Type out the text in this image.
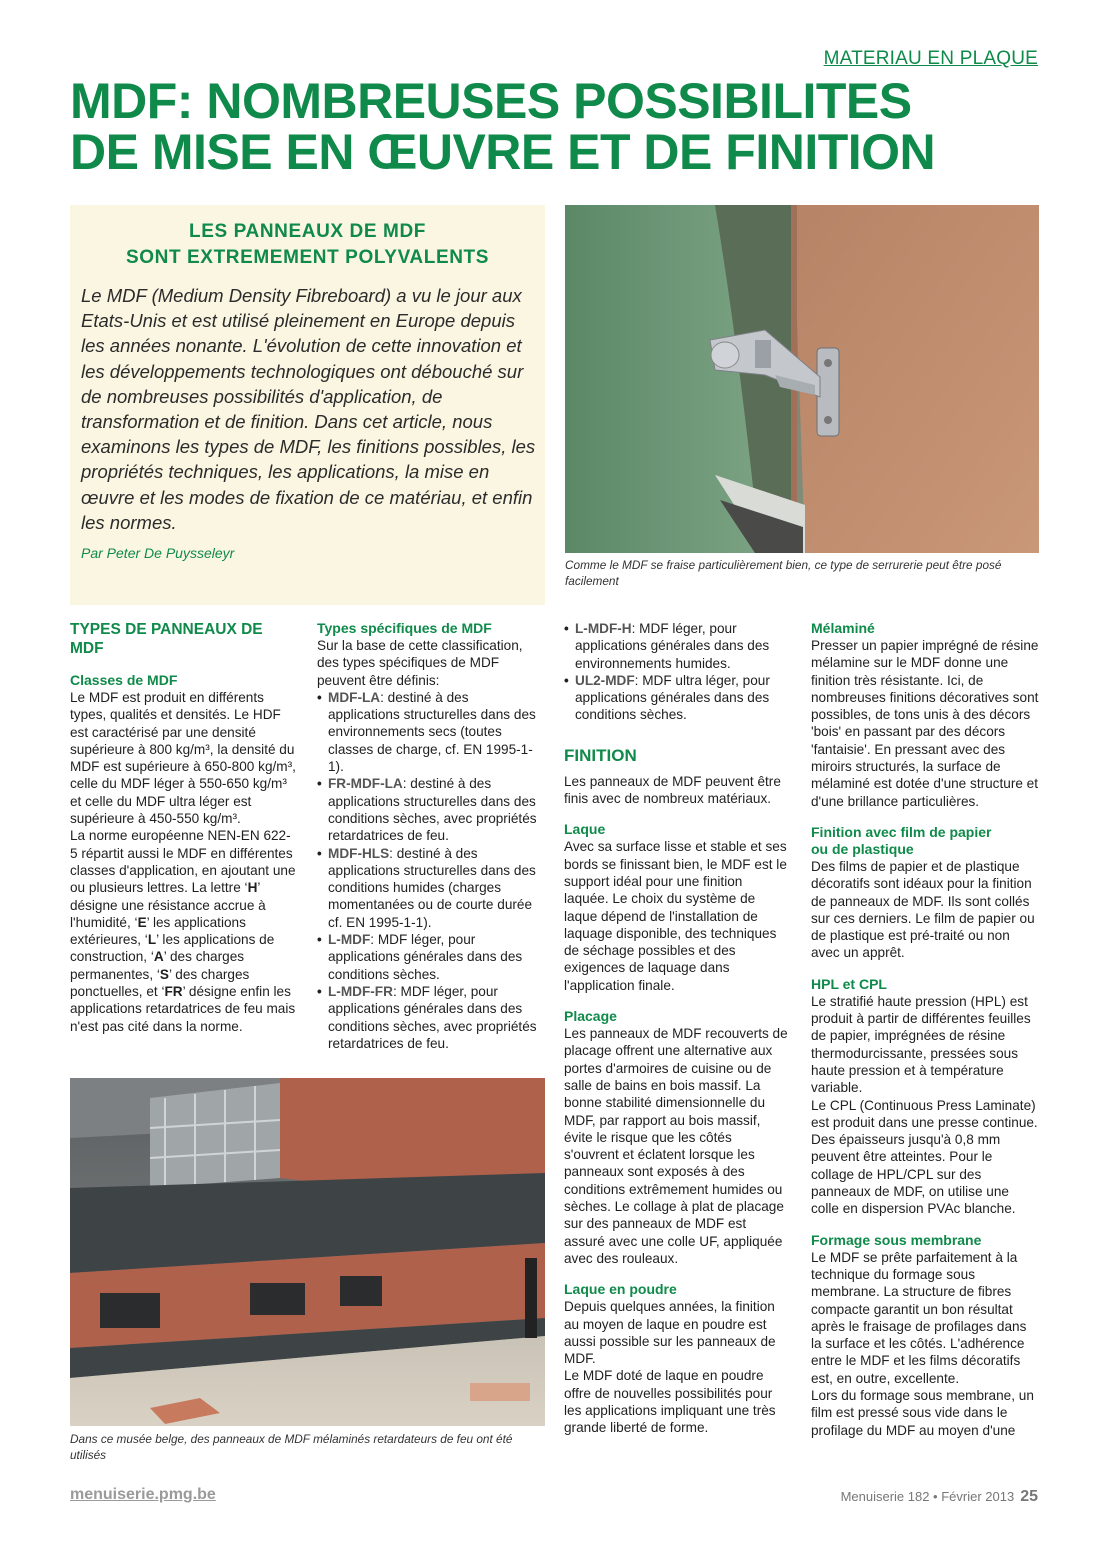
MATERIAU EN PLAQUE
MDF: NOMBREUSES POSSIBILITES
DE MISE EN ŒUVRE ET DE FINITION
LES PANNEAUX DE MDF
SONT EXTREMEMENT POLYVALENTS
Le MDF (Medium Density Fibreboard) a vu le jour aux Etats-Unis et est utilisé pleinement en Europe depuis les années nonante. L'évolution de cette innovation et les développements technologiques ont débouché sur de nombreuses possibilités d'application, de transformation et de finition. Dans cet article, nous examinons les types de MDF, les finitions possibles, les propriétés techniques, les applications, la mise en œuvre et les modes de fixation de ce matériau, et enfin les normes.
Par Peter De Puysseleyr
Comme le MDF se fraise particulièrement bien, ce type de serrurerie peut être posé facilement

TYPES DE PANNEAUX DE MDF

Classes de MDF

Le MDF est produit en différents types, qualités et densités. Le HDF est caractérisé par une densité supérieure à 800 kg/m³, la densité du MDF est supérieure à 650-800 kg/m³, celle du MDF léger à 550-650 kg/m³ et celle du MDF ultra léger est supérieure à 450-550 kg/m³.

La norme européenne NEN-EN 622-5 répartit aussi le MDF en différentes classes d'application, en ajoutant une ou plusieurs lettres. La lettre ‘H’ désigne une résistance accrue à l'humidité, ‘E’ les applications extérieures, ‘L’ les applications de construction, ‘A’ des charges permanentes, ‘S’ des charges ponctuelles, et ‘FR’ désigne enfin les applications retardatrices de feu mais n'est pas cité dans la norme.

Types spécifiques de MDF

Sur la base de cette classification, des types spécifiques de MDF peuvent être définis:

• MDF-LA: destiné à des applications structurelles dans des environnements secs (toutes classes de charge, cf. EN 1995-1-1).

• FR-MDF-LA: destiné à des applications structurelles dans des conditions sèches, avec propriétés retardatrices de feu.

• MDF-HLS: destiné à des applications structurelles dans des conditions humides (charges momentanées ou de courte durée cf. EN 1995-1-1).

• L-MDF: MDF léger, pour applications générales dans des conditions sèches.

• L-MDF-FR: MDF léger, pour applications générales dans des conditions sèches, avec propriétés retardatrices de feu.

• L-MDF-H: MDF léger, pour applications générales dans des environnements humides.

• UL2-MDF: MDF ultra léger, pour applications générales dans des conditions sèches.

FINITION

Les panneaux de MDF peuvent être finis avec de nombreux matériaux.

Laque

Avec sa surface lisse et stable et ses bords se finissant bien, le MDF est le support idéal pour une finition laquée. Le choix du système de laque dépend de l'installation de laquage disponible, des techniques de séchage possibles et des exigences de laquage dans l'application finale.

Placage

Les panneaux de MDF recouverts de placage offrent une alternative aux portes d'armoires de cuisine ou de salle de bains en bois massif. La bonne stabilité dimensionnelle du MDF, par rapport au bois massif, évite le risque que les côtés s'ouvrent et éclatent lorsque les panneaux sont exposés à des conditions extrêmement humides ou sèches. Le collage à plat de placage sur des panneaux de MDF est assuré avec une colle UF, appliquée avec des rouleaux.

Laque en poudre

Depuis quelques années, la finition au moyen de laque en poudre est aussi possible sur les panneaux de MDF.

Le MDF doté de laque en poudre offre de nouvelles possibilités pour les applications impliquant une très grande liberté de forme.

Mélaminé

Presser un papier imprégné de résine mélamine sur le MDF donne une finition très résistante. Ici, de nombreuses finitions décoratives sont possibles, de tons unis à des décors 'bois' en passant par des décors 'fantaisie'. En pressant avec des miroirs structurés, la surface de mélaminé est dotée d'une structure et d'une brillance particulières.

Finition avec film de papier
ou de plastique

Des films de papier et de plastique décoratifs sont idéaux pour la finition de panneaux de MDF. Ils sont collés sur ces derniers. Le film de papier ou de plastique est pré-traité ou non avec un apprêt.

HPL et CPL

Le stratifié haute pression (HPL) est produit à partir de différentes feuilles de papier, imprégnées de résine thermodurcissante, pressées sous haute pression et à température variable.

Le CPL (Continuous Press Laminate) est produit dans une presse continue. Des épaisseurs jusqu'à 0,8 mm peuvent être atteintes. Pour le collage de HPL/CPL sur des panneaux de MDF, on utilise une colle en dispersion PVAc blanche.

Formage sous membrane

Le MDF se prête parfaitement à la technique du formage sous membrane. La structure de fibres compacte garantit un bon résultat après le fraisage de profilages dans la surface et les côtés. L'adhérence entre le MDF et les films décoratifs est, en outre, excellente.

Lors du formage sous membrane, un film est pressé sous vide dans le profilage du MDF au moyen d'une

Dans ce musée belge, des panneaux de MDF mélaminés retardateurs de feu ont été utilisés
menuiserie.pmg.be	Menuiserie 182 • Février 2013 25
